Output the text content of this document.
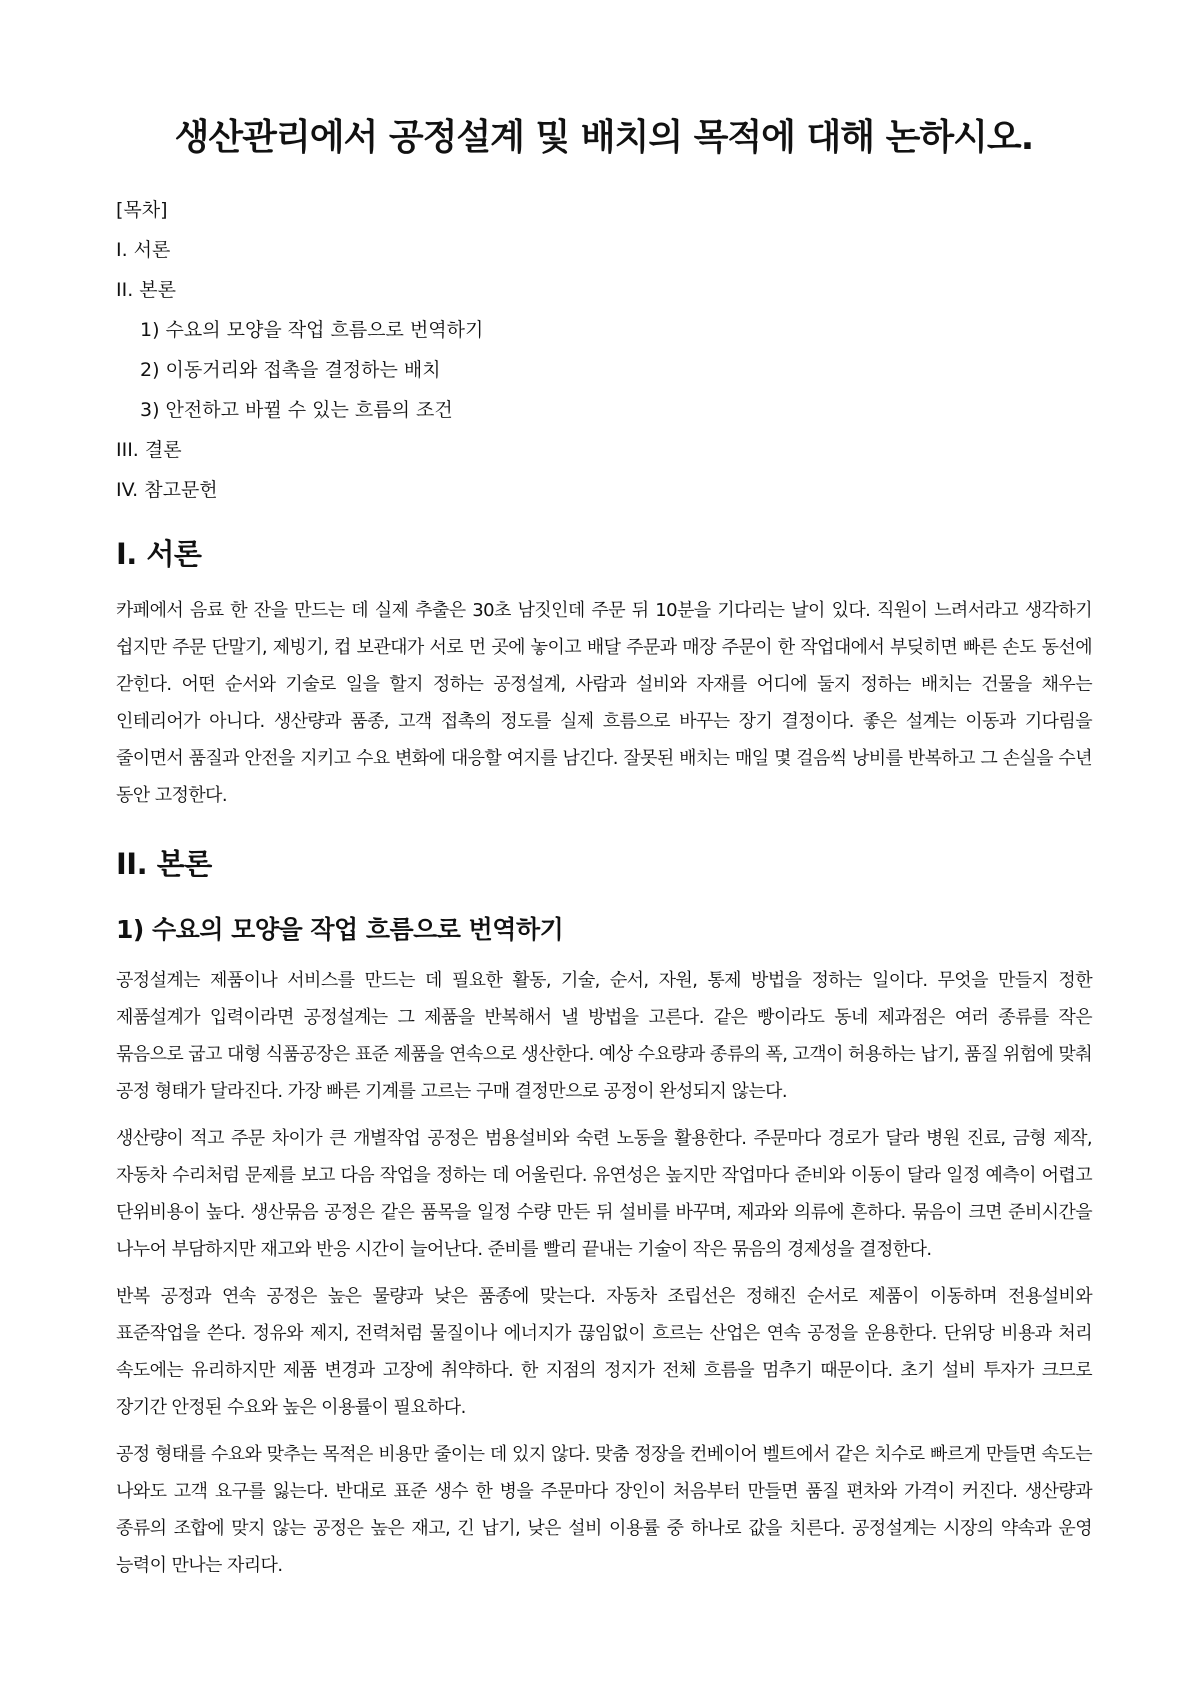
생산관리에서 공정설계 및 배치의 목적에 대해 논하시오.
[목차]
I. 서론
II. 본론
1) 수요의 모양을 작업 흐름으로 번역하기
2) 이동거리와 접촉을 결정하는 배치
3) 안전하고 바뀔 수 있는 흐름의 조건
III. 결론
IV. 참고문헌
I. 서론

카페에서 음료 한 잔을 만드는 데 실제 추출은 30초 남짓인데 주문 뒤 10분을 기다리는 날이 있다. 직원이 느려서라고 생각하기 쉽지만 주문 단말기, 제빙기, 컵 보관대가 서로 먼 곳에 놓이고 배달 주문과 매장 주문이 한 작업대에서 부딪히면 빠른 손도 동선에 갇힌다. 어떤 순서와 기술로 일을 할지 정하는 공정설계, 사람과 설비와 자재를 어디에 둘지 정하는 배치는 건물을 채우는 인테리어가 아니다. 생산량과 품종, 고객 접촉의 정도를 실제 흐름으로 바꾸는 장기 결정이다. 좋은 설계는 이동과 기다림을 줄이면서 품질과 안전을 지키고 수요 변화에 대응할 여지를 남긴다. 잘못된 배치는 매일 몇 걸음씩 낭비를 반복하고 그 손실을 수년 동안 고정한다.

II. 본론
1) 수요의 모양을 작업 흐름으로 번역하기

공정설계는 제품이나 서비스를 만드는 데 필요한 활동, 기술, 순서, 자원, 통제 방법을 정하는 일이다. 무엇을 만들지 정한 제품설계가 입력이라면 공정설계는 그 제품을 반복해서 낼 방법을 고른다. 같은 빵이라도 동네 제과점은 여러 종류를 작은 묶음으로 굽고 대형 식품공장은 표준 제품을 연속으로 생산한다. 예상 수요량과 종류의 폭, 고객이 허용하는 납기, 품질 위험에 맞춰 공정 형태가 달라진다. 가장 빠른 기계를 고르는 구매 결정만으로 공정이 완성되지 않는다.

생산량이 적고 주문 차이가 큰 개별작업 공정은 범용설비와 숙련 노동을 활용한다. 주문마다 경로가 달라 병원 진료, 금형 제작, 자동차 수리처럼 문제를 보고 다음 작업을 정하는 데 어울린다. 유연성은 높지만 작업마다 준비와 이동이 달라 일정 예측이 어렵고 단위비용이 높다. 생산묶음 공정은 같은 품목을 일정 수량 만든 뒤 설비를 바꾸며, 제과와 의류에 흔하다. 묶음이 크면 준비시간을 나누어 부담하지만 재고와 반응 시간이 늘어난다. 준비를 빨리 끝내는 기술이 작은 묶음의 경제성을 결정한다.

반복 공정과 연속 공정은 높은 물량과 낮은 품종에 맞는다. 자동차 조립선은 정해진 순서로 제품이 이동하며 전용설비와 표준작업을 쓴다. 정유와 제지, 전력처럼 물질이나 에너지가 끊임없이 흐르는 산업은 연속 공정을 운용한다. 단위당 비용과 처리 속도에는 유리하지만 제품 변경과 고장에 취약하다. 한 지점의 정지가 전체 흐름을 멈추기 때문이다. 초기 설비 투자가 크므로 장기간 안정된 수요와 높은 이용률이 필요하다.

공정 형태를 수요와 맞추는 목적은 비용만 줄이는 데 있지 않다. 맞춤 정장을 컨베이어 벨트에서 같은 치수로 빠르게 만들면 속도는 나와도 고객 요구를 잃는다. 반대로 표준 생수 한 병을 주문마다 장인이 처음부터 만들면 품질 편차와 가격이 커진다. 생산량과 종류의 조합에 맞지 않는 공정은 높은 재고, 긴 납기, 낮은 설비 이용률 중 하나로 값을 치른다. 공정설계는 시장의 약속과 운영 능력이 만나는 자리다.
